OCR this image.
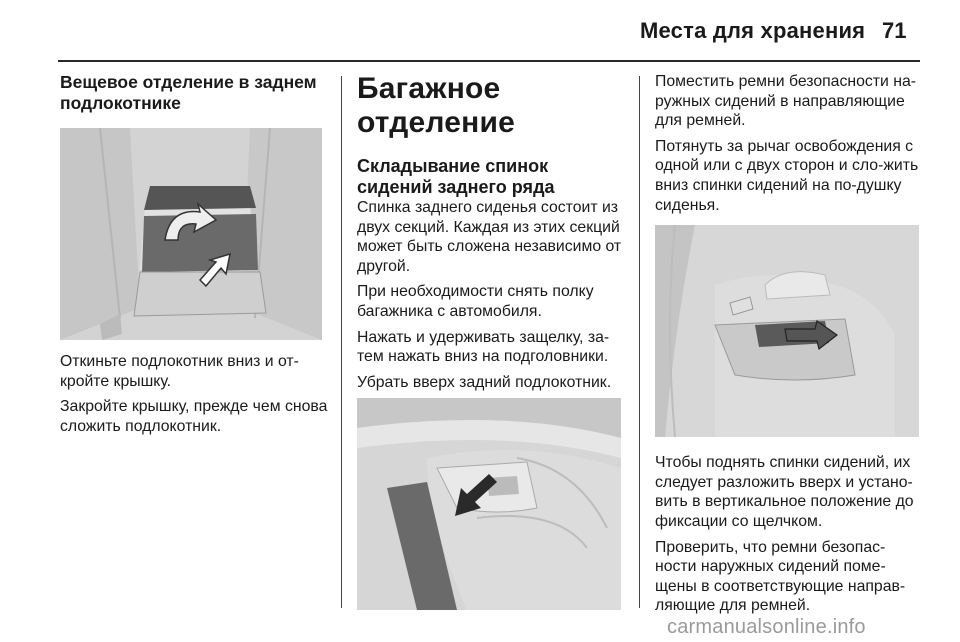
Места для хранения 71
Вещевое отделение в заднем подлокотнике

Откиньте подлокотник вниз и от-кройте крышку.

Закройте крышку, прежде чем снова сложить подлокотник.

Багажное отделение
Складывание спинок сидений заднего ряда

Спинка заднего сиденья состоит из двух секций. Каждая из этих секций может быть сложена независимо от другой.

При необходимости снять полку багажника с автомобиля.

Нажать и удерживать защелку, за-тем нажать вниз на подголовники.

Убрать вверх задний подлокотник.

Поместить ремни безопасности на-ружных сидений в направляющие для ремней.

Потянуть за рычаг освобождения с одной или с двух сторон и сло-жить вниз спинки сидений на по-душку сиденья.

Чтобы поднять спинки сидений, их следует разложить вверх и устано-вить в вертикальное положение до фиксации со щелчком.

Проверить, что ремни безопас-ности наружных сидений поме-щены в соответствующие направ-ляющие для ремней.

carmanualsonline.info
